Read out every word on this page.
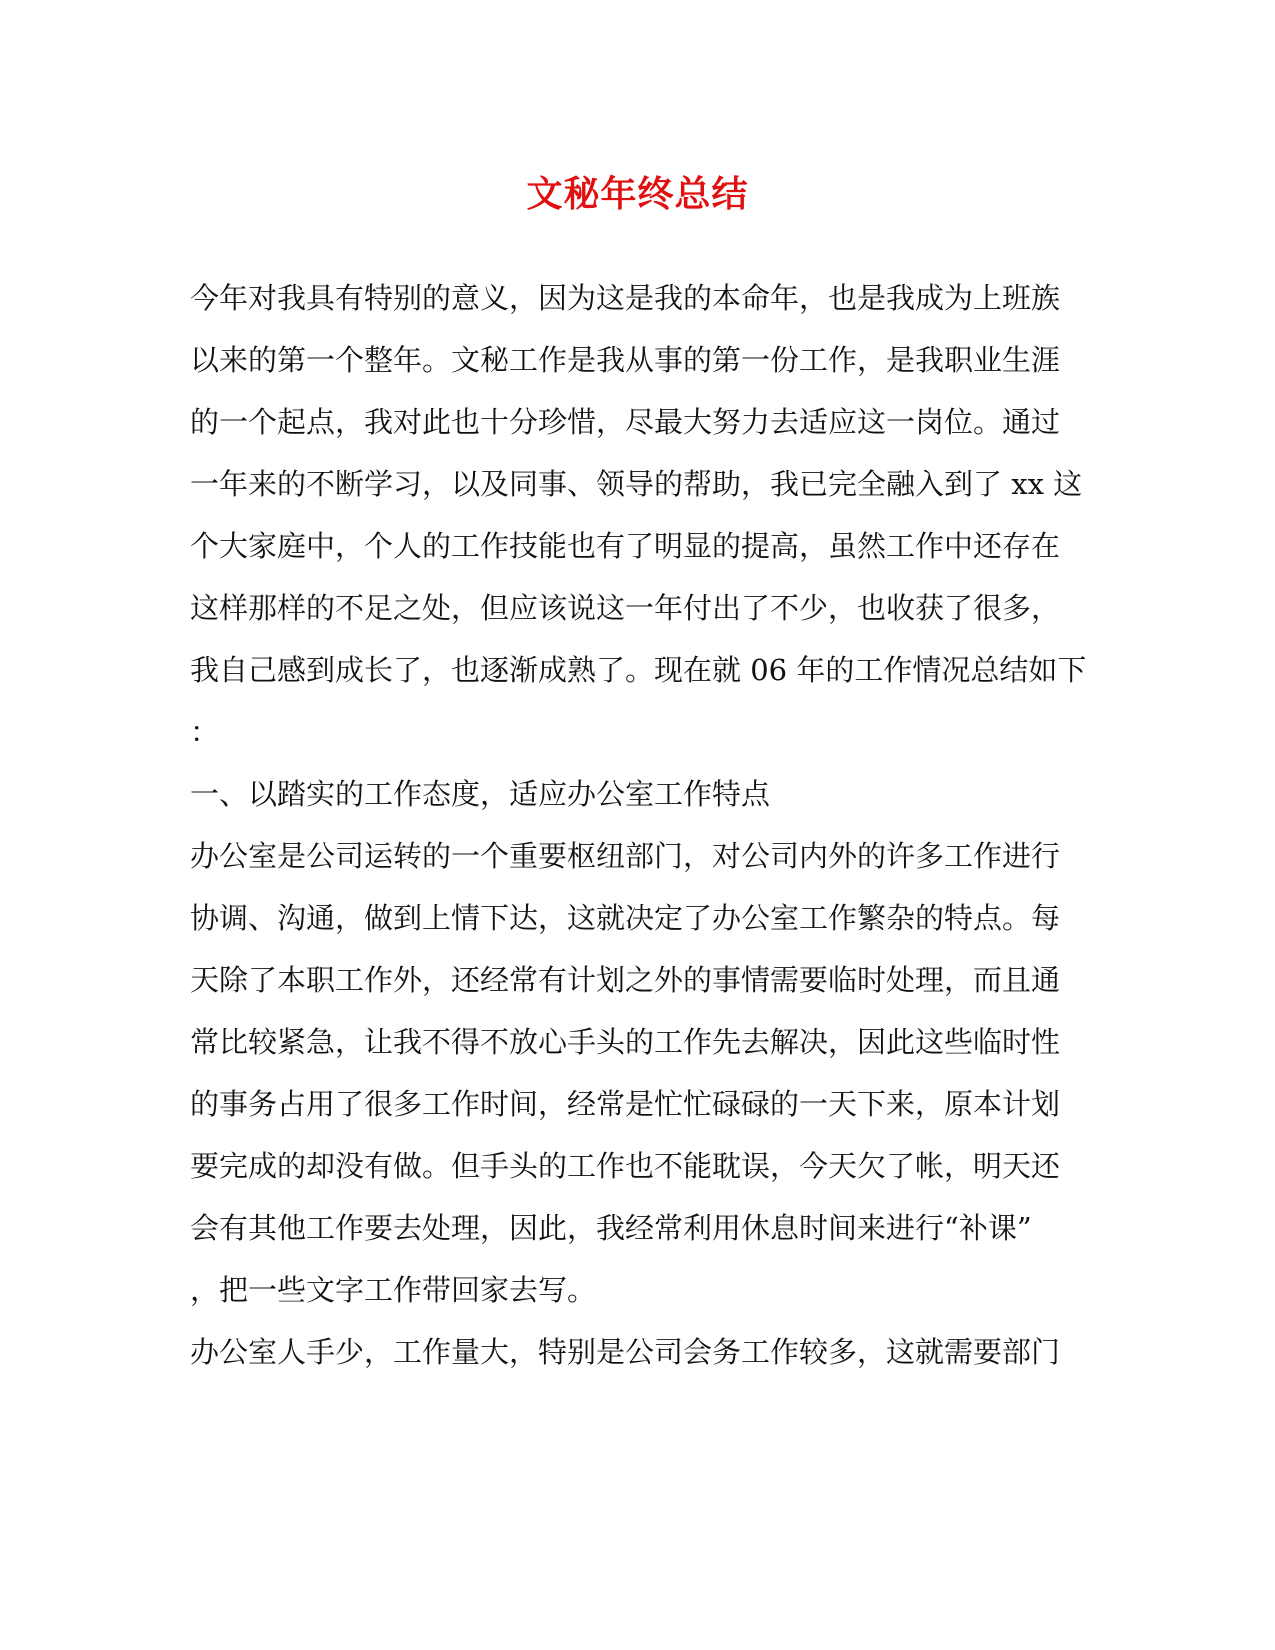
文秘年终总结
今年对我具有特别的意义，因为这是我的本命年，也是我成为上班族
以来的第一个整年。文秘工作是我从事的第一份工作，是我职业生涯
的一个起点，我对此也十分珍惜，尽最大努力去适应这一岗位。通过
一年来的不断学习，以及同事、领导的帮助，我已完全融入到了 xx 这
个大家庭中，个人的工作技能也有了明显的提高，虽然工作中还存在
这样那样的不足之处，但应该说这一年付出了不少，也收获了很多，
我自己感到成长了，也逐渐成熟了。现在就 06 年的工作情况总结如下
：
一、以踏实的工作态度，适应办公室工作特点
办公室是公司运转的一个重要枢纽部门，对公司内外的许多工作进行
协调、沟通，做到上情下达，这就决定了办公室工作繁杂的特点。每
天除了本职工作外，还经常有计划之外的事情需要临时处理，而且通
常比较紧急，让我不得不放心手头的工作先去解决，因此这些临时性
的事务占用了很多工作时间，经常是忙忙碌碌的一天下来，原本计划
要完成的却没有做。但手头的工作也不能耽误，今天欠了帐，明天还
会有其他工作要去处理，因此，我经常利用休息时间来进行“补课”
，把一些文字工作带回家去写。
办公室人手少，工作量大，特别是公司会务工作较多，这就需要部门
